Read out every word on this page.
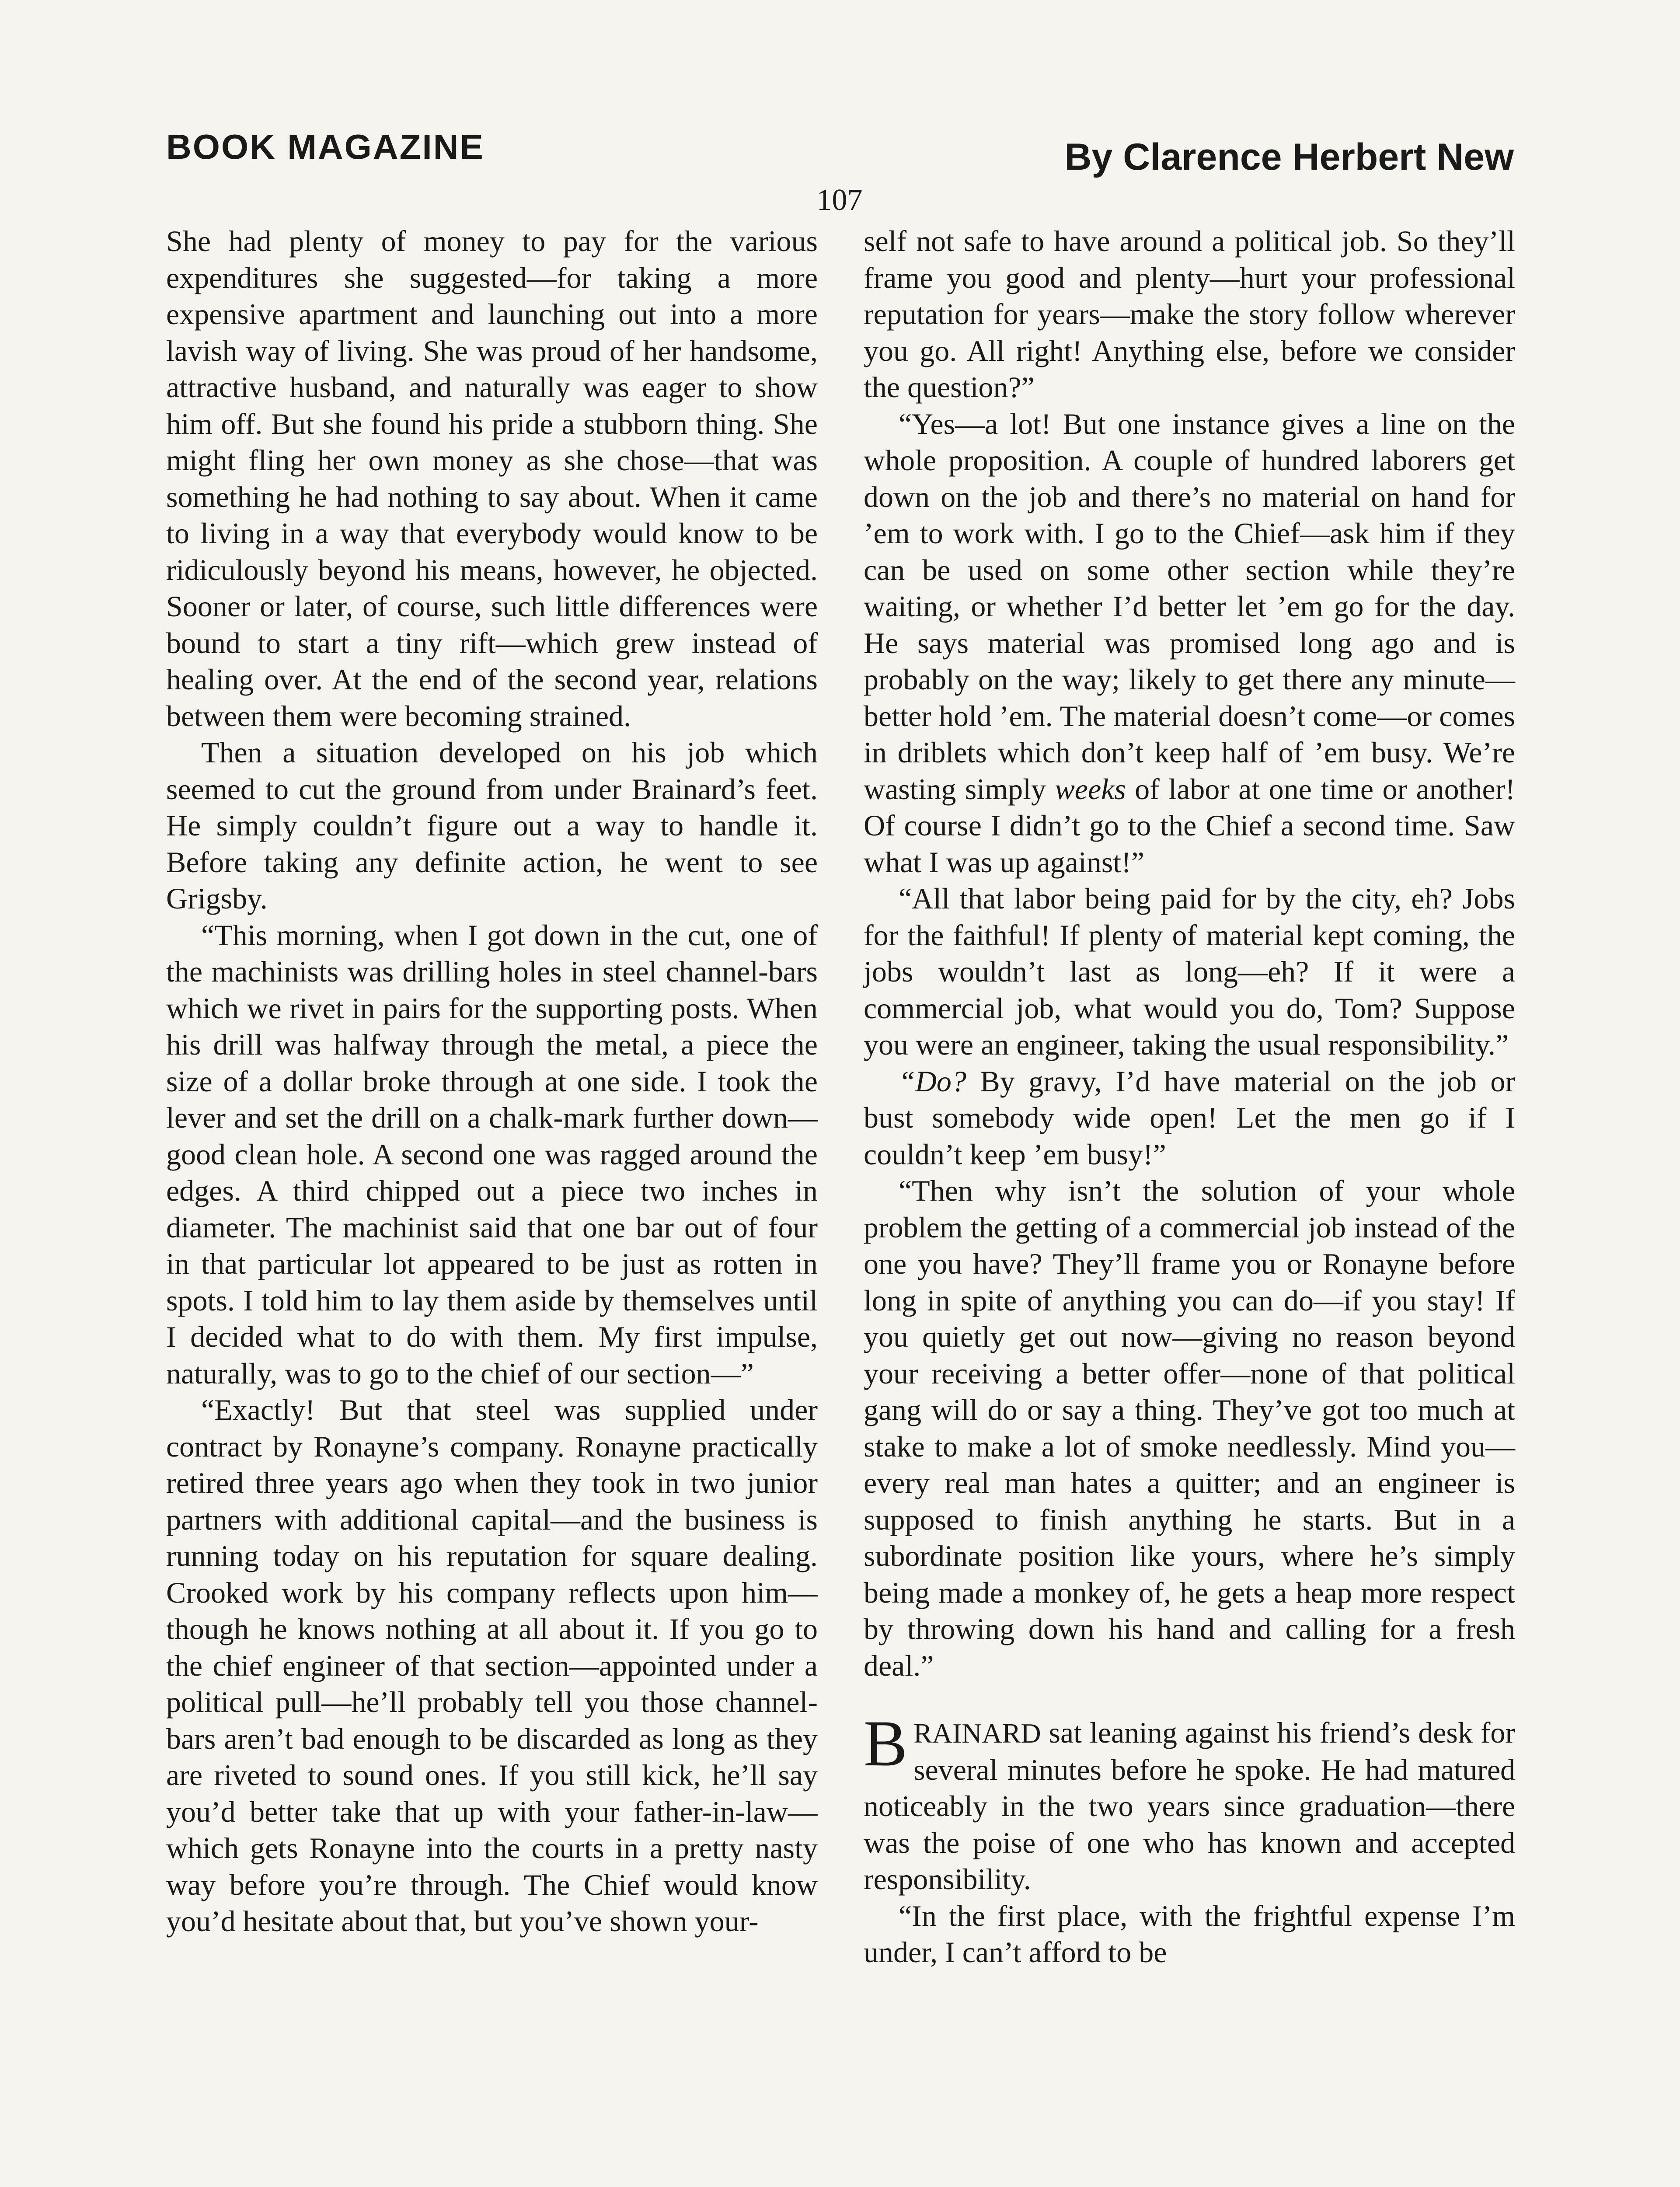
BOOK MAGAZINE	By Clarence Herbert New
107

She had plenty of money to pay for the various expenditures she suggested—for taking a more expensive apartment and launching out into a more lavish way of living. She was proud of her handsome, attractive husband, and naturally was eager to show him off. But she found his pride a stubborn thing. She might fling her own money as she chose—that was something he had nothing to say about. When it came to living in a way that everybody would know to be ridiculously beyond his means, however, he objected. Sooner or later, of course, such little differences were bound to start a tiny rift—which grew instead of healing over. At the end of the second year, relations between them were becoming strained.

Then a situation developed on his job which seemed to cut the ground from under Brainard’s feet. He simply couldn’t figure out a way to handle it. Before taking any definite action, he went to see Grigsby.

“This morning, when I got down in the cut, one of the machinists was drilling holes in steel channel-bars which we rivet in pairs for the supporting posts. When his drill was halfway through the metal, a piece the size of a dollar broke through at one side. I took the lever and set the drill on a chalk-mark further down—good clean hole. A second one was ragged around the edges. A third chipped out a piece two inches in diameter. The machinist said that one bar out of four in that particular lot appeared to be just as rotten in spots. I told him to lay them aside by themselves until I decided what to do with them. My first impulse, naturally, was to go to the chief of our section—”

“Exactly! But that steel was supplied under contract by Ronayne’s company. Ronayne practically retired three years ago when they took in two junior partners with additional capital—and the business is running today on his reputation for square dealing. Crooked work by his company reflects upon him—though he knows nothing at all about it. If you go to the chief engineer of that section—appointed under a political pull—he’ll probably tell you those channel-bars aren’t bad enough to be discarded as long as they are riveted to sound ones. If you still kick, he’ll say you’d better take that up with your father-in-law—which gets Ronayne into the courts in a pretty nasty way before you’re through. The Chief would know you’d hesitate about that, but you’ve shown your-

self not safe to have around a political job. So they’ll frame you good and plenty—hurt your professional reputation for years—make the story follow wherever you go. All right! Anything else, before we consider the question?”

“Yes—a lot! But one instance gives a line on the whole proposition. A couple of hundred laborers get down on the job and there’s no material on hand for ’em to work with. I go to the Chief—ask him if they can be used on some other section while they’re waiting, or whether I’d better let ’em go for the day. He says material was promised long ago and is probably on the way; likely to get there any minute—better hold ’em. The material doesn’t come—or comes in driblets which don’t keep half of ’em busy. We’re wasting simply weeks of labor at one time or another! Of course I didn’t go to the Chief a second time. Saw what I was up against!”

“All that labor being paid for by the city, eh? Jobs for the faithful! If plenty of material kept coming, the jobs wouldn’t last as long—eh? If it were a commercial job, what would you do, Tom? Suppose you were an engineer, taking the usual responsibility.”

“Do? By gravy, I’d have material on the job or bust somebody wide open! Let the men go if I couldn’t keep ’em busy!”

“Then why isn’t the solution of your whole problem the getting of a commercial job instead of the one you have? They’ll frame you or Ronayne before long in spite of anything you can do—if you stay! If you quietly get out now—giving no reason beyond your receiving a better offer—none of that political gang will do or say a thing. They’ve got too much at stake to make a lot of smoke needlessly. Mind you—every real man hates a quitter; and an engineer is supposed to finish anything he starts. But in a subordinate position like yours, where he’s simply being made a monkey of, he gets a heap more respect by throwing down his hand and calling for a fresh deal.”

BRAINARD sat leaning against his friend’s desk for several minutes before he spoke. He had matured noticeably in the two years since graduation—there was the poise of one who has known and accepted responsibility.

“In the first place, with the frightful expense I’m under, I can’t afford to be
